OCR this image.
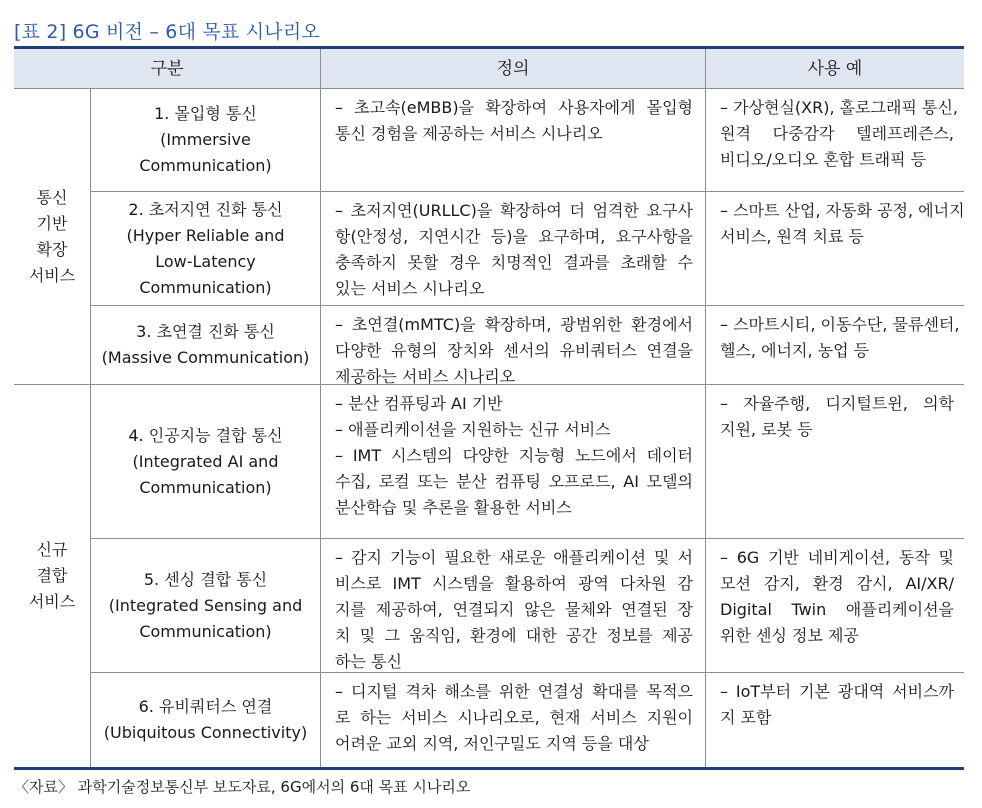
[표 2] 6G 비전 – 6대 목표 시나리오
구분	정의	사용 예
통신
기반
확장
서비스
신규
결합
서비스
1. 몰입형 통신
(Immersive
Communication)
– 초고속(eMBB)을 확장하여 사용자에게 몰입형
통신 경험을 제공하는 서비스 시나리오
– 가상현실(XR), 홀로그래픽 통신,
원격 다중감각 텔레프레즌스,
비디오/오디오 혼합 트래픽 등
2. 초저지연 진화 통신
(Hyper Reliable and
Low-Latency
Communication)
– 초저지연(URLLC)을 확장하여 더 엄격한 요구사
항(안정성, 지연시간 등)을 요구하며, 요구사항을
충족하지 못할 경우 치명적인 결과를 초래할 수
있는 서비스 시나리오
– 스마트 산업, 자동화 공정, 에너지
서비스, 원격 치료 등
3. 초연결 진화 통신
(Massive Communication)
– 초연결(mMTC)을 확장하며, 광범위한 환경에서
다양한 유형의 장치와 센서의 유비쿼터스 연결을
제공하는 서비스 시나리오
– 스마트시티, 이동수단, 물류센터,
헬스, 에너지, 농업 등
4. 인공지능 결합 통신
(Integrated AI and
Communication)
– 분산 컴퓨팅과 AI 기반
– 애플리케이션을 지원하는 신규 서비스
– IMT 시스템의 다양한 지능형 노드에서 데이터
수집, 로컬 또는 분산 컴퓨팅 오프로드, AI 모델의
분산학습 및 추론을 활용한 서비스
– 자율주행, 디지털트윈, 의학
지원, 로봇 등
5. 센싱 결합 통신
(Integrated Sensing and
Communication)
– 감지 기능이 필요한 새로운 애플리케이션 및 서
비스로 IMT 시스템을 활용하여 광역 다차원 감
지를 제공하여, 연결되지 않은 물체와 연결된 장
치 및 그 움직임, 환경에 대한 공간 정보를 제공
하는 통신
– 6G 기반 네비게이션, 동작 및
모션 감지, 환경 감시, AI/XR/
Digital Twin 애플리케이션을
위한 센싱 정보 제공
6. 유비쿼터스 연결
(Ubiquitous Connectivity)
– 디지털 격차 해소를 위한 연결성 확대를 목적으
로 하는 서비스 시나리오로, 현재 서비스 지원이
어려운 교외 지역, 저인구밀도 지역 등을 대상
– IoT부터 기본 광대역 서비스까
지 포함
〈자료〉 과학기술정보통신부 보도자료, 6G에서의 6대 목표 시나리오
